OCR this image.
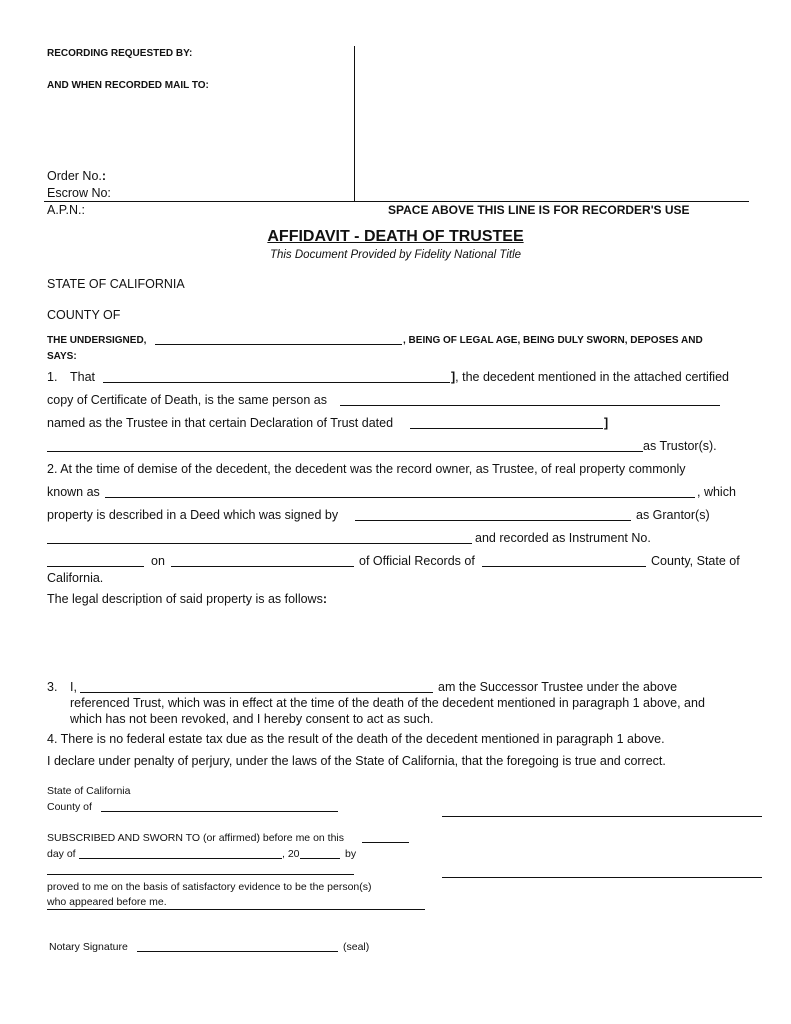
RECORDING REQUESTED BY:
AND WHEN RECORDED MAIL TO:
Order No.:
Escrow No:
A.P.N.:	SPACE ABOVE THIS LINE IS FOR RECORDER'S USE
AFFIDAVIT - DEATH OF TRUSTEE
This Document Provided by Fidelity National Title
STATE OF CALIFORNIA
COUNTY OF
THE UNDERSIGNED,	, BEING OF LEGAL AGE, BEING DULY SWORN, DEPOSES AND
SAYS:
1. That	], the decedent mentioned in the attached certified
copy of Certificate of Death, is the same person as
named as the Trustee in that certain Declaration of Trust dated	]
as Trustor(s).
2. At the time of demise of the decedent, the decedent was the record owner, as Trustee, of real property commonly
known as	, which
property is described in a Deed which was signed by	as Grantor(s)
and recorded as Instrument No.
on	of Official Records of	County, State of
California.
The legal description of said property is as follows:
3. I,	am the Successor Trustee under the above
referenced Trust, which was in effect at the time of the death of the decedent mentioned in paragraph 1 above, and
which has not been revoked, and I hereby consent to act as such.
4. There is no federal estate tax due as the result of the death of the decedent mentioned in paragraph 1 above.
I declare under penalty of perjury, under the laws of the State of California, that the foregoing is true and correct.
State of California
County of
SUBSCRIBED AND SWORN TO (or affirmed) before me on this
day of	, 20	by
proved to me on the basis of satisfactory evidence to be the person(s)
who appeared before me.
Notary Signature	(seal)
